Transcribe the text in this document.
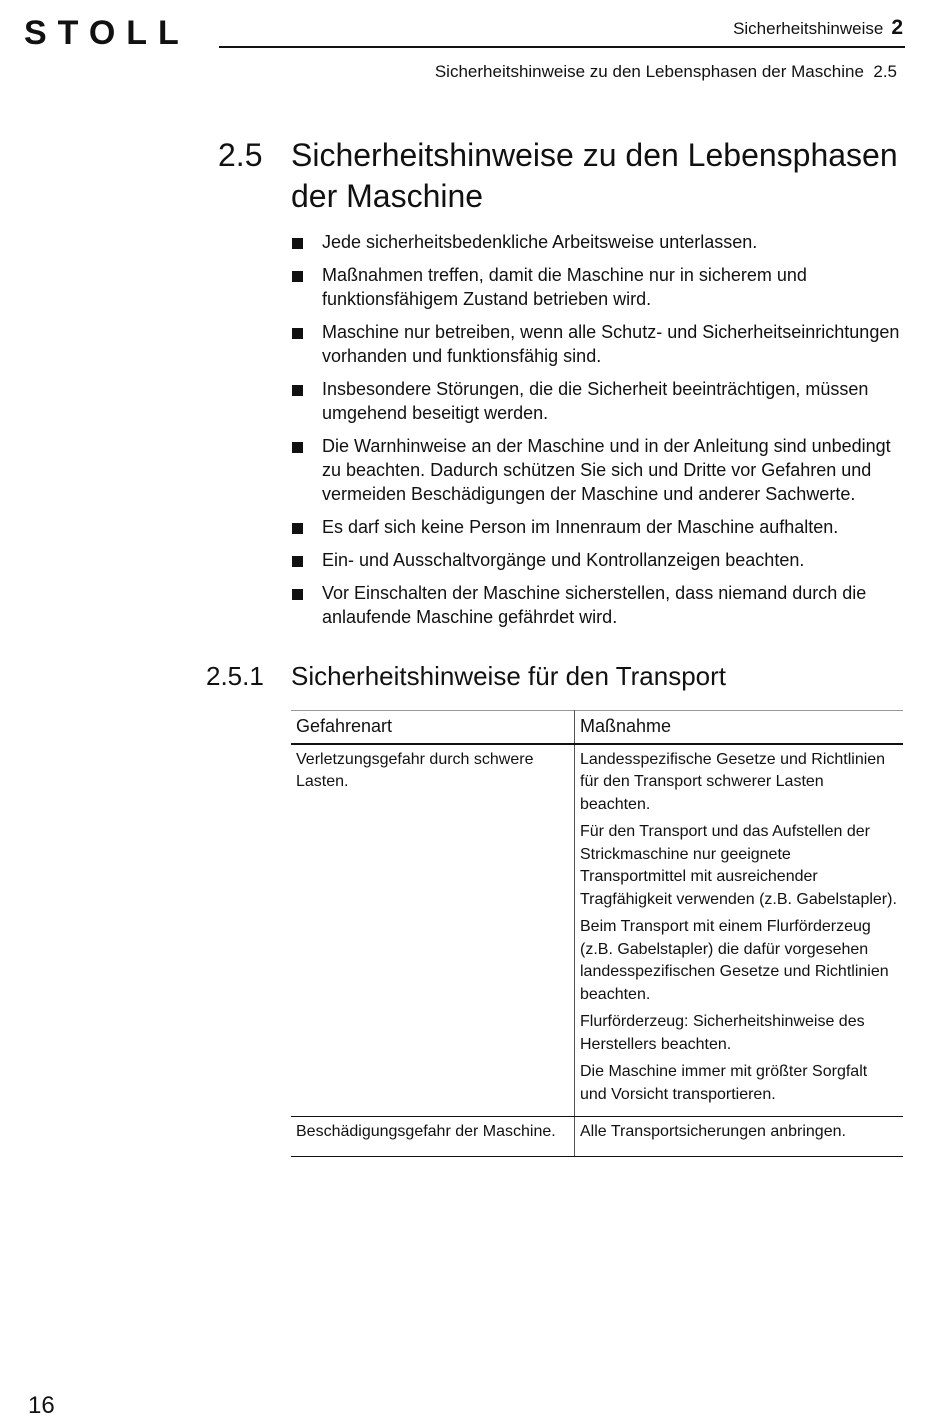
STOLL	Sicherheitshinweise 2
Sicherheitshinweise zu den Lebensphasen der Maschine 2.5
2.5 Sicherheitshinweise zu den Lebensphasen der Maschine
Jede sicherheitsbedenkliche Arbeitsweise unterlassen.
Maßnahmen treffen, damit die Maschine nur in sicherem und funktionsfähigem Zustand betrieben wird.
Maschine nur betreiben, wenn alle Schutz- und Sicherheitseinrichtungen vorhanden und funktionsfähig sind.
Insbesondere Störungen, die die Sicherheit beeinträchtigen, müssen umgehend beseitigt werden.
Die Warnhinweise an der Maschine und in der Anleitung sind unbedingt zu beachten. Dadurch schützen Sie sich und Dritte vor Gefahren und vermeiden Beschädigungen der Maschine und anderer Sachwerte.
Es darf sich keine Person im Innenraum der Maschine aufhalten.
Ein- und Ausschaltvorgänge und Kontrollanzeigen beachten.
Vor Einschalten der Maschine sicherstellen, dass niemand durch die anlaufende Maschine gefährdet wird.
2.5.1 Sicherheitshinweise für den Transport
Gefahrenart	Maßnahme
Verletzungsgefahr durch schwere Lasten.	Landesspezifische Gesetze und Richtlinien für den Transport schwerer Lasten beachten.

Für den Transport und das Aufstellen der Strickmaschine nur geeignete Transportmittel mit ausreichender Tragfähigkeit verwenden (z.B. Gabelstapler).

Beim Transport mit einem Flurförderzeug (z.B. Gabelstapler) die dafür vorgesehen landesspezifischen Gesetze und Richtlinien beachten.

Flurförderzeug: Sicherheitshinweise des Herstellers beachten.

Die Maschine immer mit größter Sorgfalt und Vorsicht transportieren.

Beschädigungsgefahr der Maschine.	Alle Transportsicherungen anbringen.

16
